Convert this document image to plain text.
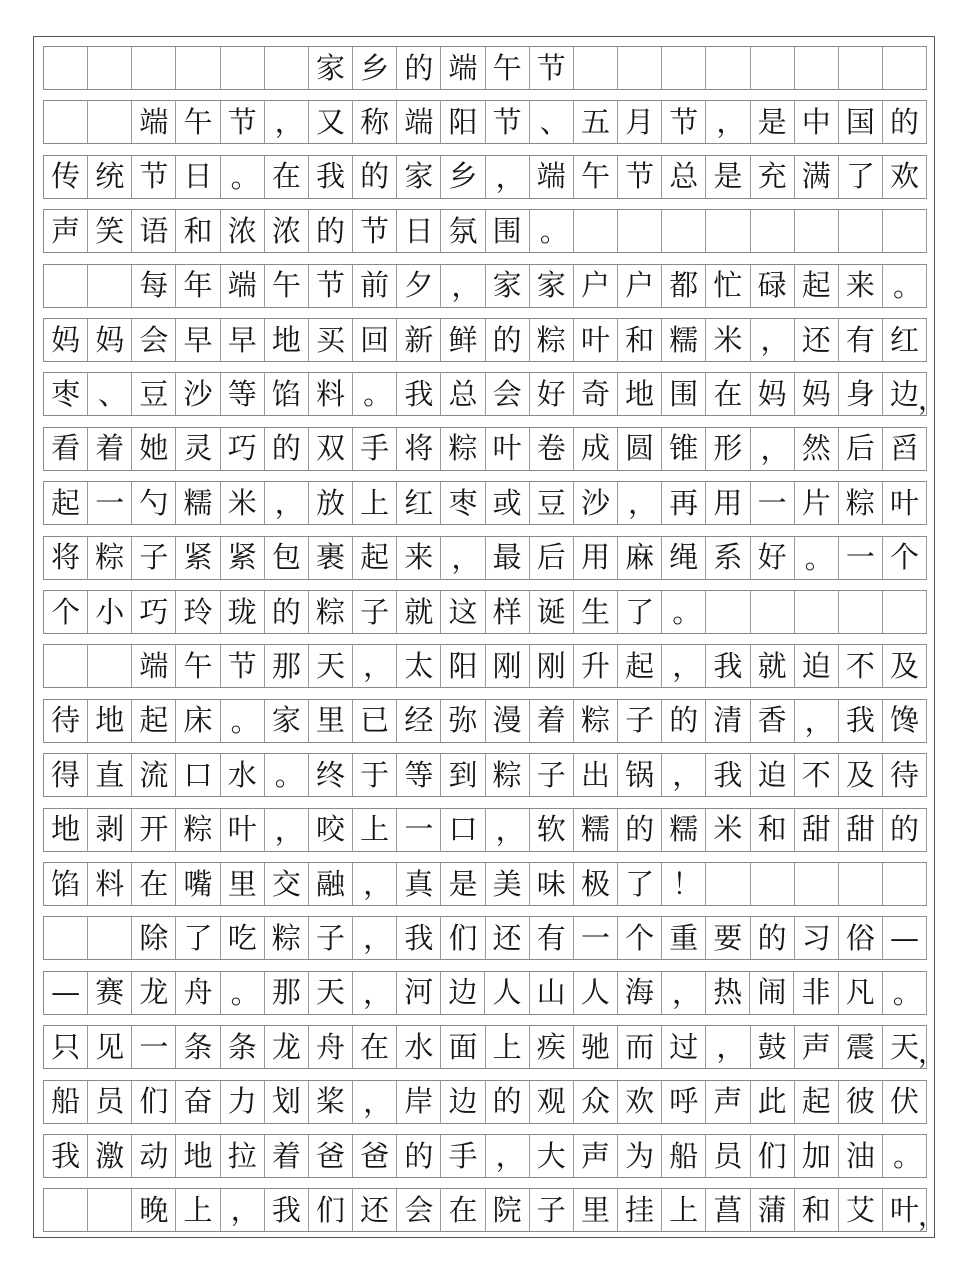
家 乡 的 端 午 节
端 午 节 ， 又 称 端 阳 节 、 五 月 节 ， 是 中 国 的
传 统 节 日 。 在 我 的 家 乡 ， 端 午 节 总 是 充 满 了 欢
声 笑 语 和 浓 浓 的 节 日 氛 围 。
每 年 端 午 节 前 夕 ， 家 家 户 户 都 忙 碌 起 来 。
妈 妈 会 早 早 地 买 回 新 鲜 的 粽 叶 和 糯 米 ， 还 有 红
枣 、 豆 沙 等 馅 料 。 我 总 会 好 奇 地 围 在 妈 妈 身 边
看 着 她 灵 巧 的 双 手 将 粽 叶 卷 成 圆 锥 形 ， 然 后 舀
起 一 勺 糯 米 ， 放 上 红 枣 或 豆 沙 ， 再 用 一 片 粽 叶
将 粽 子 紧 紧 包 裹 起 来 ， 最 后 用 麻 绳 系 好 。 一 个
个 小 巧 玲 珑 的 粽 子 就 这 样 诞 生 了 。
端 午 节 那 天 ， 太 阳 刚 刚 升 起 ， 我 就 迫 不 及
待 地 起 床 。 家 里 已 经 弥 漫 着 粽 子 的 清 香 ， 我 馋
得 直 流 口 水 。 终 于 等 到 粽 子 出 锅 ， 我 迫 不 及 待
地 剥 开 粽 叶 ， 咬 上 一 口 ， 软 糯 的 糯 米 和 甜 甜 的
馅 料 在 嘴 里 交 融 ， 真 是 美 味 极 了 ！
除 了 吃 粽 子 ， 我 们 还 有 一 个 重 要 的 习 俗 —
— 赛 龙 舟 。 那 天 ， 河 边 人 山 人 海 ， 热 闹 非 凡 。
只 见 一 条 条 龙 舟 在 水 面 上 疾 驰 而 过 ， 鼓 声 震 天
船 员 们 奋 力 划 桨 ， 岸 边 的 观 众 欢 呼 声 此 起 彼 伏
我 激 动 地 拉 着 爸 爸 的 手 ， 大 声 为 船 员 们 加 油 。
晚 上 ， 我 们 还 会 在 院 子 里 挂 上 菖 蒲 和 艾 叶
，
，
，
